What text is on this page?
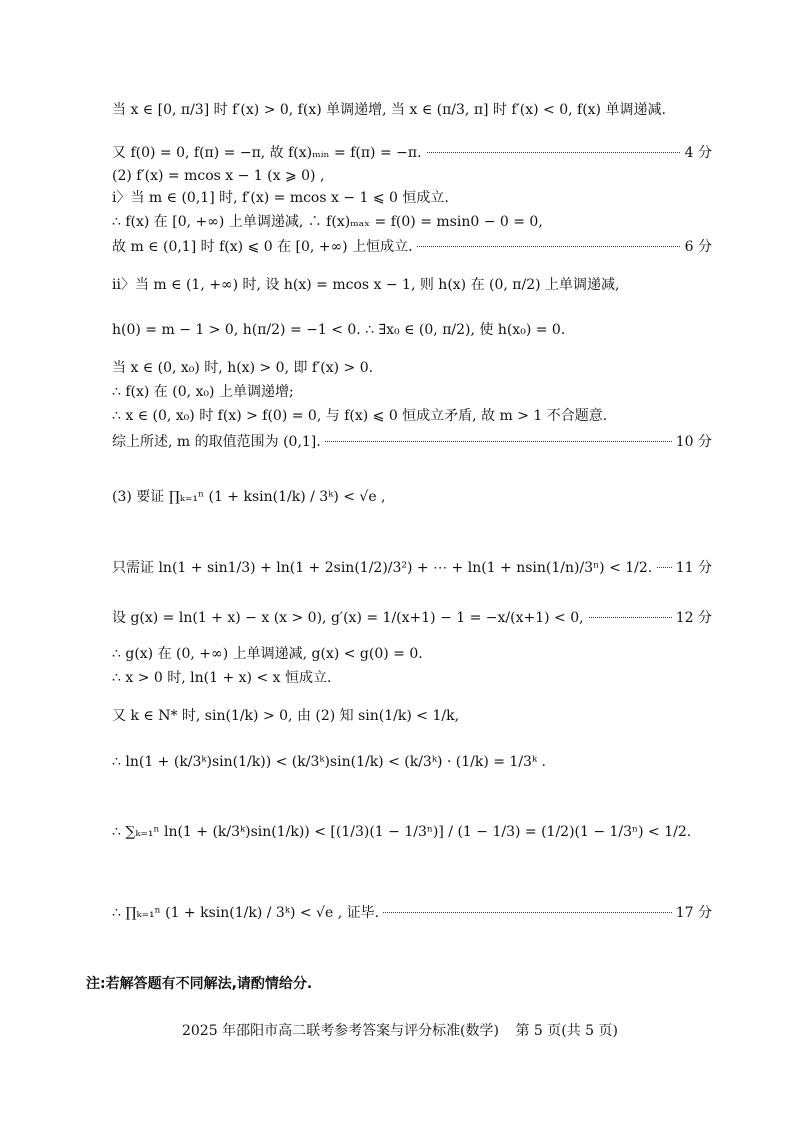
当 x ∈ [0, π/3] 时 f′(x) > 0, f(x) 单调递增, 当 x ∈ (π/3, π] 时 f′(x) < 0, f(x) 单调递减.
又 f(0) = 0, f(π) = −π, 故 f(x)ₘᵢₙ = f(π) = −π.	4 分
(2) f′(x) = mcos x − 1 (x ⩾ 0) ,
ⅰ〉当 m ∈ (0,1] 时, f′(x) = mcos x − 1 ⩽ 0 恒成立.
∴ f(x) 在 [0, +∞) 上单调递减, ∴ f(x)ₘₐₓ = f(0) = msin0 − 0 = 0,
故 m ∈ (0,1] 时 f(x) ⩽ 0 在 [0, +∞) 上恒成立.	6 分
ⅱ〉当 m ∈ (1, +∞) 时, 设 h(x) = mcos x − 1, 则 h(x) 在 (0, π/2) 上单调递减,
h(0) = m − 1 > 0, h(π/2) = −1 < 0. ∴ ∃x₀ ∈ (0, π/2), 使 h(x₀) = 0.
当 x ∈ (0, x₀) 时, h(x) > 0, 即 f′(x) > 0.
∴ f(x) 在 (0, x₀) 上单调递增;
∴ x ∈ (0, x₀) 时 f(x) > f(0) = 0, 与 f(x) ⩽ 0 恒成立矛盾, 故 m > 1 不合题意.
综上所述, m 的取值范围为 (0,1].	10 分
(3) 要证 ∏ₖ₌₁ⁿ (1 + ksin(1/k) / 3ᵏ) < √e ,
只需证 ln(1 + sin1/3) + ln(1 + 2sin(1/2)/3²) + ⋯ + ln(1 + nsin(1/n)/3ⁿ) < 1/2. 11 分
设 g(x) = ln(1 + x) − x (x > 0), g′(x) = 1/(x+1) − 1 = −x/(x+1) < 0,	12 分
∴ g(x) 在 (0, +∞) 上单调递减, g(x) < g(0) = 0.
∴ x > 0 时, ln(1 + x) < x 恒成立.
又 k ∈ N* 时, sin(1/k) > 0, 由 (2) 知 sin(1/k) < 1/k,
∴ ln(1 + (k/3ᵏ)sin(1/k)) < (k/3ᵏ)sin(1/k) < (k/3ᵏ) · (1/k) = 1/3ᵏ .
∴ ∑ₖ₌₁ⁿ ln(1 + (k/3ᵏ)sin(1/k)) < [(1/3)(1 − 1/3ⁿ)] / (1 − 1/3) = (1/2)(1 − 1/3ⁿ) < 1/2.
∴ ∏ₖ₌₁ⁿ (1 + ksin(1/k) / 3ᵏ) < √e , 证毕.	17 分
注:若解答题有不同解法,请酌情给分.
2025 年邵阳市高二联考参考答案与评分标准(数学) 第 5 页(共 5 页)
